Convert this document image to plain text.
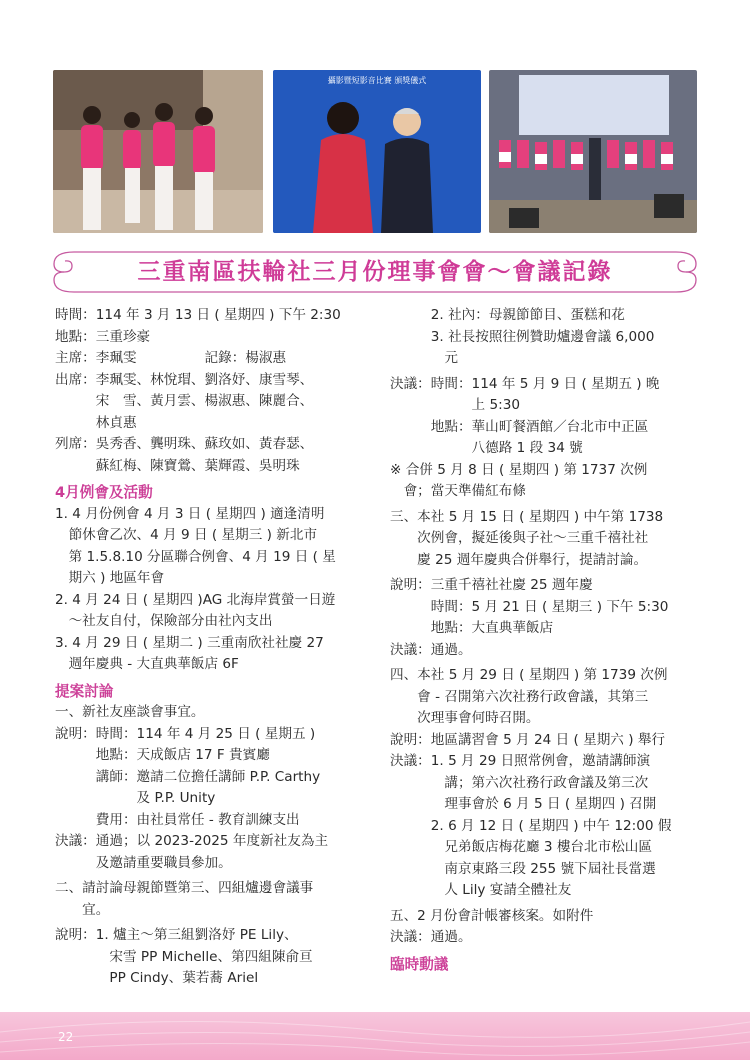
攝影暨短影音比賽 頒獎儀式
三重南區扶輪社三月份理事會會～會議記錄
時間：114 年 3 月 13 日 ( 星期四 ) 下午 2:30
地點：三重珍豪
主席：李珮雯　　　　　記錄：楊淑惠
出席：李珮雯、林悅瑁、劉洛妤、康雪琴、
　　　宋　雪、黃月雲、楊淑惠、陳麗合、
　　　林貞惠
列席：吳秀香、龔明珠、蘇玫如、黃春瑟、
　　　蘇紅梅、陳寶鶯、葉輝霞、吳明珠
4月例會及活動
1. 4 月份例會 4 月 3 日 ( 星期四 ) 適逢清明
　節休會乙次、4 月 9 日 ( 星期三 ) 新北市
　第 1.5.8.10 分區聯合例會、4 月 19 日 ( 星
　期六 ) 地區年會
2. 4 月 24 日 ( 星期四 )AG 北海岸賞螢一日遊
　～社友自付，保險部分由社內支出
3. 4 月 29 日 ( 星期二 ) 三重南欣社社慶 27
　週年慶典 - 大直典華飯店 6F
提案討論
一、新社友座談會事宜。
說明：時間：114 年 4 月 25 日 ( 星期五 )
　　　地點：天成飯店 17 F 貴賓廳
　　　講師：邀請二位擔任講師 P.P. Carthy
　　　　　　及 P.P. Unity
　　　費用：由社員常任 - 教育訓練支出
決議：通過；以 2023-2025 年度新社友為主
　　　及邀請重要職員參加。
二、請討論母親節暨第三、四組爐邊會議事
　　宜。
說明：1. 爐主～第三組劉洛妤 PE Lily、
　　　　宋雪 PP Michelle、第四組陳俞亘
　　　　PP Cindy、葉若蕎 Ariel
　　　2. 社內：母親節節目、蛋糕和花
　　　3. 社長按照往例贊助爐邊會議 6,000
　　　　元
決議：時間：114 年 5 月 9 日 ( 星期五 ) 晚
　　　　　　上 5:30
　　　地點：華山町餐酒館／台北市中正區
　　　　　　八德路 1 段 34 號
※ 合併 5 月 8 日 ( 星期四 ) 第 1737 次例
　會；當天準備紅布條
三、本社 5 月 15 日 ( 星期四 ) 中午第 1738
　　次例會，擬延後與子社～三重千禧社社
　　慶 25 週年慶典合併舉行，提請討論。
說明：三重千禧社社慶 25 週年慶
　　　時間：5 月 21 日 ( 星期三 ) 下午 5:30
　　　地點：大直典華飯店
決議：通過。
四、本社 5 月 29 日 ( 星期四 ) 第 1739 次例
　　會 - 召開第六次社務行政會議，其第三
　　次理事會何時召開。
說明：地區講習會 5 月 24 日 ( 星期六 ) 舉行
決議：1. 5 月 29 日照常例會，邀請講師演
　　　　講；第六次社務行政會議及第三次
　　　　理事會於 6 月 5 日 ( 星期四 ) 召開
　　　2. 6 月 12 日 ( 星期四 ) 中午 12:00 假
　　　　兄弟飯店梅花廳 3 樓台北市松山區
　　　　南京東路三段 255 號下屆社長當選
　　　　人 Lily 宴請全體社友
五、2 月份會計帳審核案。如附件
決議：通過。
臨時動議
22
